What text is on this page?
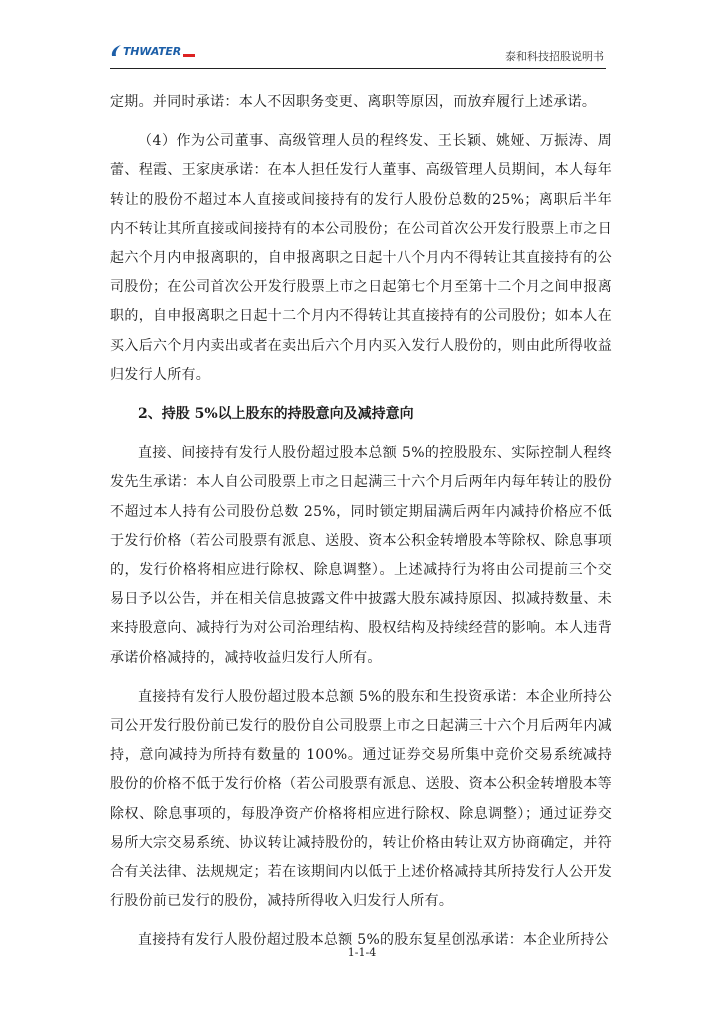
THWATER	泰和科技招股说明书

定期。并同时承诺：本人不因职务变更、离职等原因，而放弃履行上述承诺。

（4）作为公司董事、高级管理人员的程终发、王长颖、姚娅、万振涛、周蕾、程霞、王家庚承诺：在本人担任发行人董事、高级管理人员期间，本人每年转让的股份不超过本人直接或间接持有的发行人股份总数的25%；离职后半年内不转让其所直接或间接持有的本公司股份；在公司首次公开发行股票上市之日起六个月内申报离职的，自申报离职之日起十八个月内不得转让其直接持有的公司股份；在公司首次公开发行股票上市之日起第七个月至第十二个月之间申报离职的，自申报离职之日起十二个月内不得转让其直接持有的公司股份；如本人在买入后六个月内卖出或者在卖出后六个月内买入发行人股份的，则由此所得收益归发行人所有。

2、持股 5%以上股东的持股意向及减持意向

直接、间接持有发行人股份超过股本总额 5%的控股股东、实际控制人程终发先生承诺：本人自公司股票上市之日起满三十六个月后两年内每年转让的股份不超过本人持有公司股份总数 25%，同时锁定期届满后两年内减持价格应不低于发行价格（若公司股票有派息、送股、资本公积金转增股本等除权、除息事项的，发行价格将相应进行除权、除息调整）。上述减持行为将由公司提前三个交易日予以公告，并在相关信息披露文件中披露大股东减持原因、拟减持数量、未来持股意向、减持行为对公司治理结构、股权结构及持续经营的影响。本人违背承诺价格减持的，减持收益归发行人所有。

直接持有发行人股份超过股本总额 5%的股东和生投资承诺：本企业所持公司公开发行股份前已发行的股份自公司股票上市之日起满三十六个月后两年内减持，意向减持为所持有数量的 100%。通过证券交易所集中竞价交易系统减持股份的价格不低于发行价格（若公司股票有派息、送股、资本公积金转增股本等除权、除息事项的，每股净资产价格将相应进行除权、除息调整）；通过证券交易所大宗交易系统、协议转让减持股份的，转让价格由转让双方协商确定，并符合有关法律、法规规定；若在该期间内以低于上述价格减持其所持发行人公开发行股份前已发行的股份，减持所得收入归发行人所有。

直接持有发行人股份超过股本总额 5%的股东复星创泓承诺：本企业所持公

1-1-4
